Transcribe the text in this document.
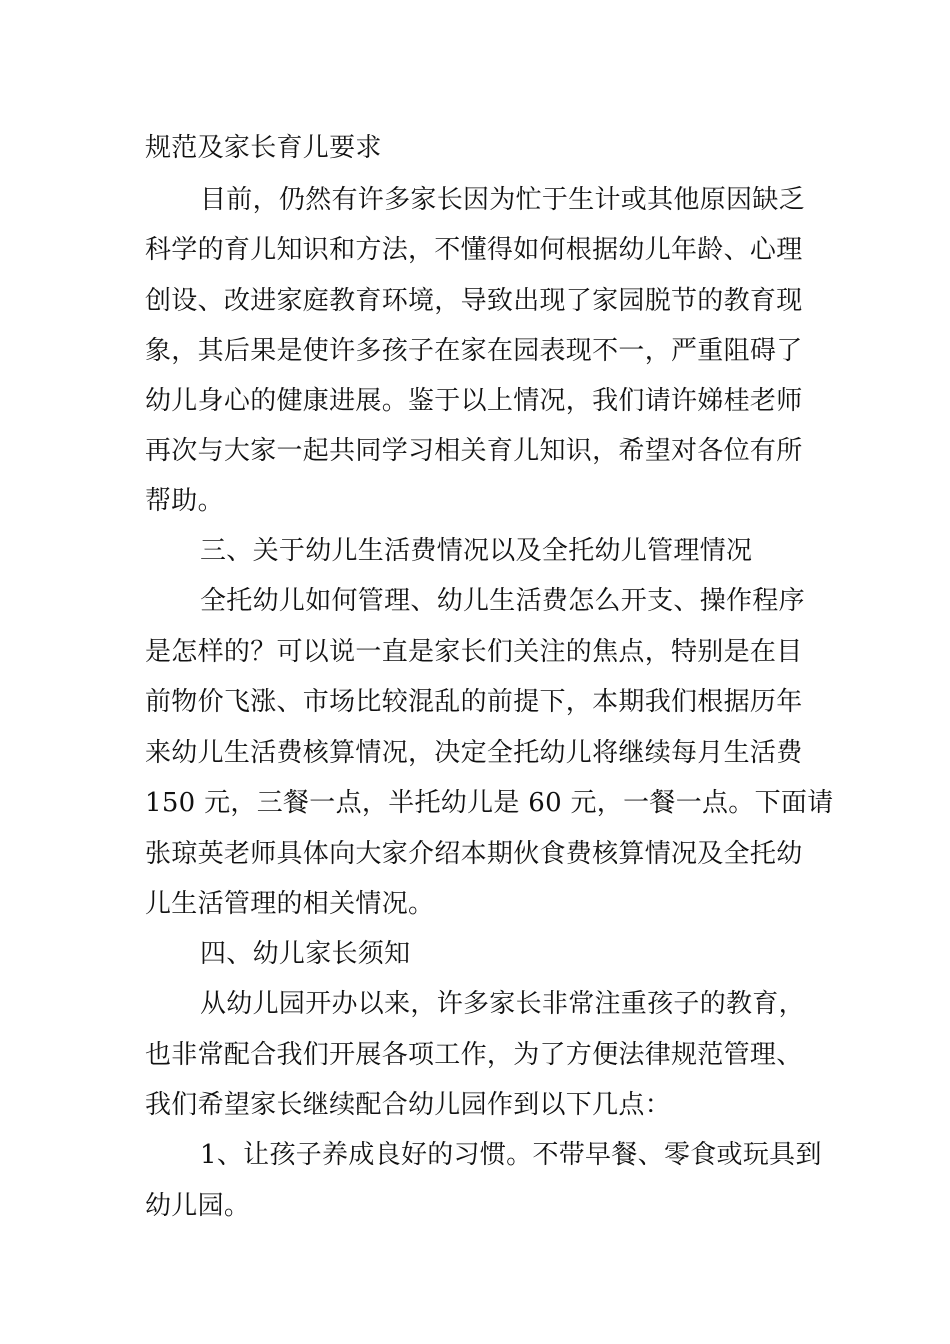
规范及家长育儿要求
目前，仍然有许多家长因为忙于生计或其他原因缺乏
科学的育儿知识和方法，不懂得如何根据幼儿年龄、心理
创设、改进家庭教育环境，导致出现了家园脱节的教育现
象，其后果是使许多孩子在家在园表现不一，严重阻碍了
幼儿身心的健康进展。鉴于以上情况，我们请许娣桂老师
再次与大家一起共同学习相关育儿知识，希望对各位有所
帮助。
三、关于幼儿生活费情况以及全托幼儿管理情况
全托幼儿如何管理、幼儿生活费怎么开支、操作程序
是怎样的？可以说一直是家长们关注的焦点，特别是在目
前物价飞涨、市场比较混乱的前提下，本期我们根据历年
来幼儿生活费核算情况，决定全托幼儿将继续每月生活费
150 元，三餐一点，半托幼儿是 60 元，一餐一点。下面请
张琼英老师具体向大家介绍本期伙食费核算情况及全托幼
儿生活管理的相关情况。
四、幼儿家长须知
从幼儿园开办以来，许多家长非常注重孩子的教育，
也非常配合我们开展各项工作，为了方便法律规范管理、
我们希望家长继续配合幼儿园作到以下几点：
1、让孩子养成良好的习惯。不带早餐、零食或玩具到
幼儿园。
